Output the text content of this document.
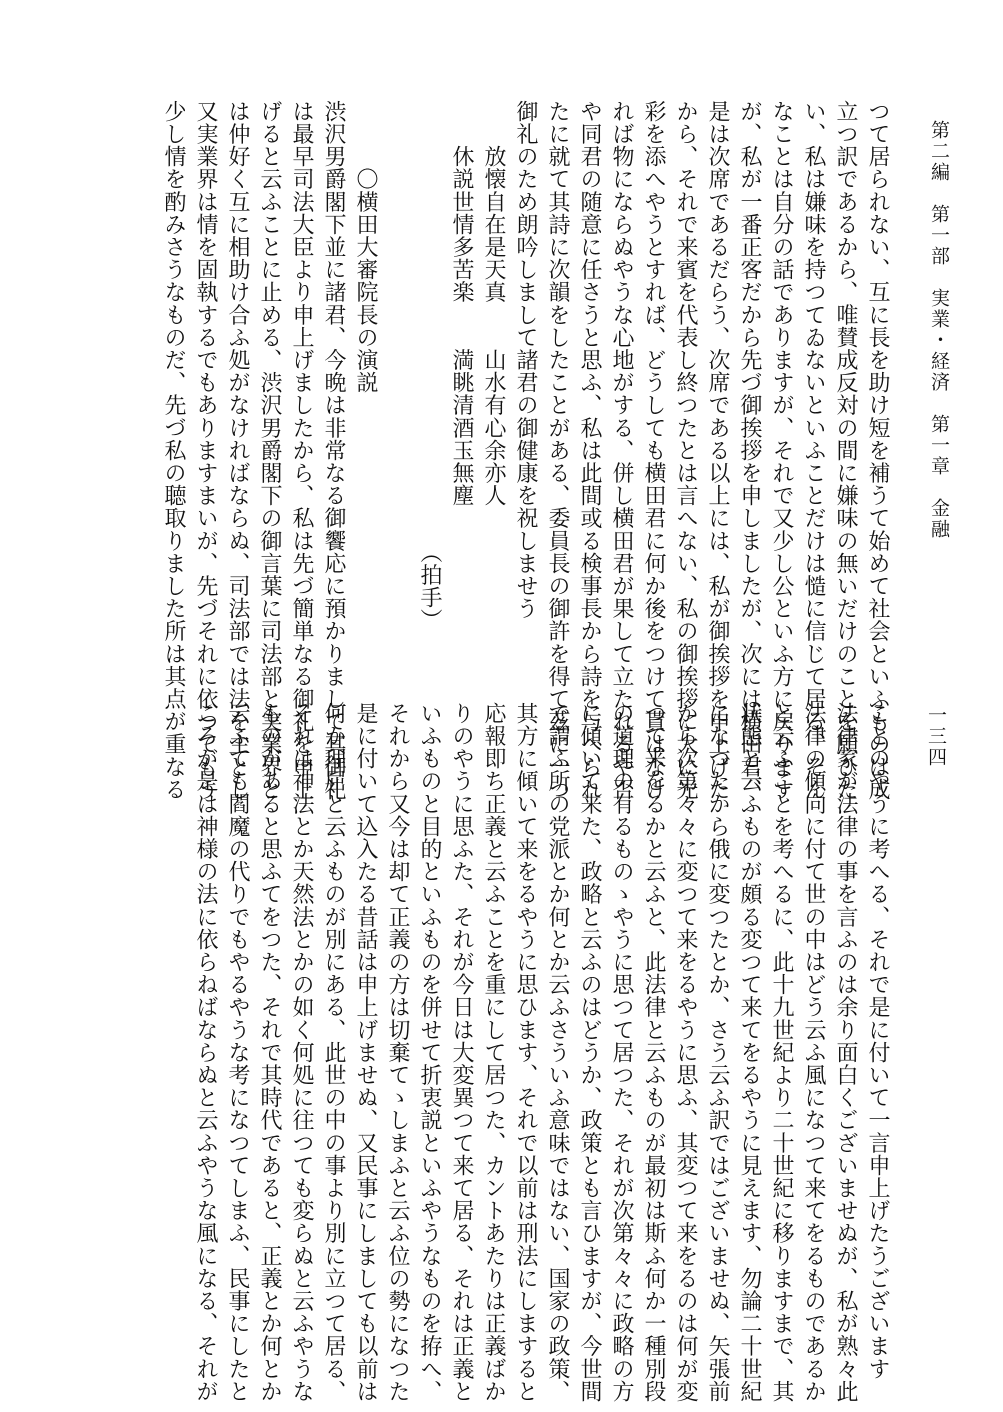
第二編　第一部　実業・経済　第一章　金融
つて居られない、互に長を助け短を補うて始めて社会といふものは成
立つ訳であるから、唯賛成反対の間に嫌味の無いだけのことを願ひた
い、私は嫌味を持つてゐないといふことだけは慥に信じて居る、そん
なことは自分の話でありますが、それで又少し公といふ方に戻ります
が、私が一番正客だから先づ御挨拶を申しましたが、次には横田君、
是は次席であるだらう、次席である以上には、私が御挨拶を申上げた
から、それで来賓を代表し終つたとは言へない、私の御挨拶に大に光
彩を添へやうとすれば、どうしても横田君に何か後をつけて貰はなけ
れば物にならぬやうな心地がする、併し横田君が果して立たれるや否
や同君の随意に任さうと思ふ、私は此間或る検事長から詩を与へられ
たに就て其詩に次韻をしたことがある、委員長の御許を得て茲に一つ
御礼のため朗吟しまして諸君の御健康を祝しませう
　　放懐自在是天真　　山水有心余亦人
　　休説世情多苦楽　　満眺清酒玉無塵
　　　　　　　　　　　　　　　　　　　　（拍手）
　　　〇横田大審院長の演説
渋沢男爵閣下並に諸君、今晩は非常なる御饗応に預かりまして其御礼
は最早司法大臣より申上げましたから、私は先づ簡単なる御礼を申上
げると云ふことに止める、渋沢男爵閣下の御言葉に司法部と実業界と
は仲好く互に相助け合ふ処がなければならぬ、司法部では法を主とし
又実業界は情を固執するでもありますまいが、先づそれに依つてもう
少し情を酌みさうなものだ、先づ私の聴取りました所は其点が重なる	一三四
ことのやうに考へる、それで是に付いて一言申上げたうございます
法律家が法律の事を言ふのは余り面白くございませぬが、私が熟々此
法律の傾向に付て世の中はどう云ふ風になつて来てをるものであるか
と云ふことを考へるに、此十九世紀より二十世紀に移りますまで、其
状態と云ふものが頗る変つて来てをるやうに見えます、勿論二十世紀
になつたから俄に変つたとか、さう云ふ訳ではございませぬ、矢張前
から次第々々に変つて来をるやうに思ふ、其変つて来をるのは何が変
つて来をるかと云ふと、此法律と云ふものが最初は斯ふ何か一種別段
の道理の有るものゝやうに思つて居つた、それが次第々々に政略の方
に傾いて来た、政略と云ふのはどうか、政策とも言ひますが、今世間
で謂ふ所の党派とか何とか云ふさういふ意味ではない、国家の政策、
其方に傾いて来をるやうに思ひます、それで以前は刑法にしますると
応報即ち正義と云ふことを重にして居つた、カントあたりは正義ばか
りのやうに思ふた、それが今日は大変異つて来て居る、それは正義と
いふものと目的といふものを併せて折衷説といふやうなものを拵へ、
それから又今は却て正義の方は切棄てゝしまふと云ふ位の勢になつた
是に付いて込入たる昔話は申上げませぬ、又民事にしましても以前は
何か理屈と云ふものが別にある、此世の中の事より別に立つて居る、
それは神法とか天然法とかの如く何処に往つても変らぬと云ふやうな
ものがあると思ふてをつた、それで其時代であると、正義とか何とか
云ふても閻魔の代りでもやるやうな考になつてしまふ、民事にしたと
ころが是は神様の法に依らねばならぬと云ふやうな風になる、それが
